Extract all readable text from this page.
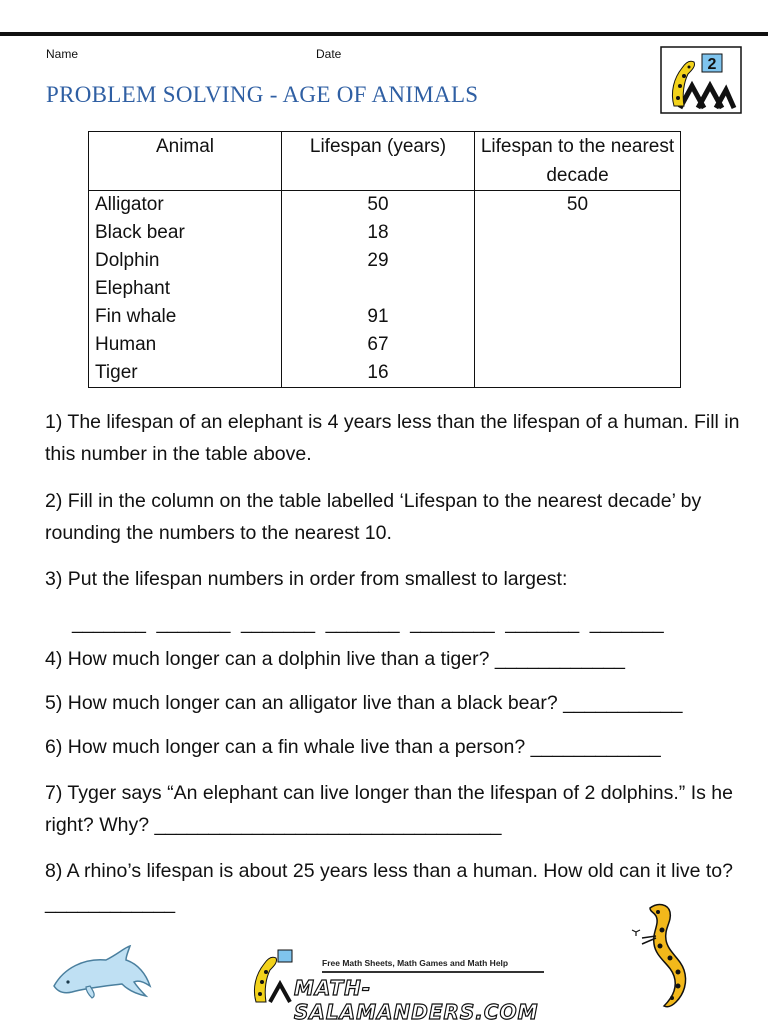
Name	Date
PROBLEM SOLVING - AGE OF ANIMALS
2
Animal	Lifespan (years)	Lifespan to the nearest decade
Alligator	50	50
Black bear	18	
Dolphin	29	
Elephant		
Fin whale	91	
Human	67	
Tiger	16	
1) The lifespan of an elephant is 4 years less than the lifespan of a human. Fill in this number in the table above.
2) Fill in the column on the table labelled ‘Lifespan to the nearest decade’ by rounding the numbers to the nearest 10.
3) Put the lifespan numbers in order from smallest to largest:
_______  _______  _______  _______  ________  _______  _______
4) How much longer can a dolphin live than a tiger? ____________
5) How much longer can an alligator live than a black bear? ___________
6) How much longer can a fin whale live than a person? ____________
7) Tyger says “An elephant can live longer than the lifespan of 2 dolphins.” Is he right? Why? ________________________________
8) A rhino’s lifespan is about 25 years less than a human. How old can it live to?____________
Free Math Sheets, Math Games and Math Help
MATH-SALAMANDERS.COM
